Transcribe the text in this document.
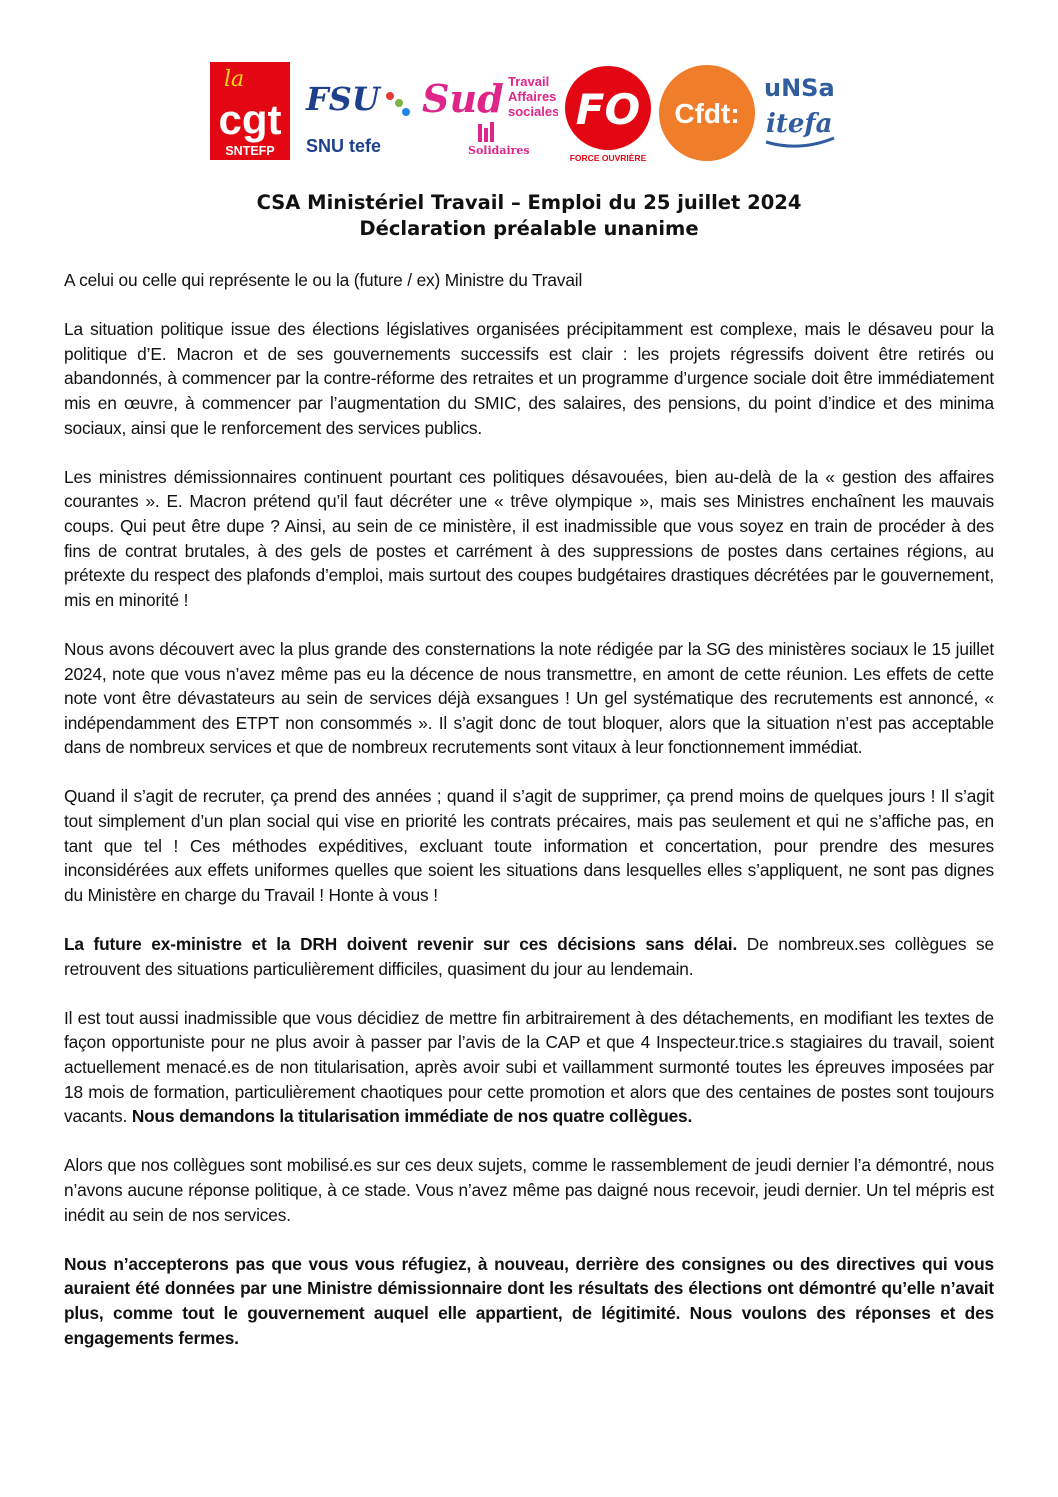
la
cgt
SNTEFP
FSU
SNU tefe
Sud Travail
Affaires
sociales
Solidaires
FO
FORCE OUVRIÈRE
Cfdt:
uNSa
itefa
CSA Ministériel Travail – Emploi du 25 juillet 2024
Déclaration préalable unanime

A celui ou celle qui représente le ou la (future / ex) Ministre du Travail

La situation politique issue des élections législatives organisées précipitamment est complexe, mais le désaveu pour la politique d’E. Macron et de ses gouvernements successifs est clair : les projets régressifs doivent être retirés ou abandonnés, à commencer par la contre-réforme des retraites et un programme d’urgence sociale doit être immédiatement mis en œuvre, à commencer par l’augmentation du SMIC, des salaires, des pensions, du point d’indice et des minima sociaux, ainsi que le renforcement des services publics.

Les ministres démissionnaires continuent pourtant ces politiques désavouées, bien au-delà de la « gestion des affaires courantes ». E. Macron prétend qu’il faut décréter une « trêve olympique », mais ses Ministres enchaînent les mauvais coups. Qui peut être dupe ? Ainsi, au sein de ce ministère, il est inadmissible que vous soyez en train de procéder à des fins de contrat brutales, à des gels de postes et carrément à des suppressions de postes dans certaines régions, au prétexte du respect des plafonds d’emploi, mais surtout des coupes budgétaires drastiques décrétées par le gouvernement, mis en minorité !

Nous avons découvert avec la plus grande des consternations la note rédigée par la SG des ministères sociaux le 15 juillet 2024, note que vous n’avez même pas eu la décence de nous transmettre, en amont de cette réunion. Les effets de cette note vont être dévastateurs au sein de services déjà exsangues ! Un gel systématique des recrutements est annoncé, « indépendamment des ETPT non consommés ». Il s’agit donc de tout bloquer, alors que la situation n’est pas acceptable dans de nombreux services et que de nombreux recrutements sont vitaux à leur fonctionnement immédiat.

Quand il s’agit de recruter, ça prend des années ; quand il s’agit de supprimer, ça prend moins de quelques jours ! Il s’agit tout simplement d’un plan social qui vise en priorité les contrats précaires, mais pas seulement et qui ne s’affiche pas, en tant que tel ! Ces méthodes expéditives, excluant toute information et concertation, pour prendre des mesures inconsidérées aux effets uniformes quelles que soient les situations dans lesquelles elles s’appliquent, ne sont pas dignes du Ministère en charge du Travail ! Honte à vous !

La future ex-ministre et la DRH doivent revenir sur ces décisions sans délai. De nombreux.ses collègues se retrouvent des situations particulièrement difficiles, quasiment du jour au lendemain.

Il est tout aussi inadmissible que vous décidiez de mettre fin arbitrairement à des détachements, en modifiant les textes de façon opportuniste pour ne plus avoir à passer par l’avis de la CAP et que 4 Inspecteur.trice.s stagiaires du travail, soient actuellement menacé.es de non titularisation, après avoir subi et vaillamment surmonté toutes les épreuves imposées par 18 mois de formation, particulièrement chaotiques pour cette promotion et alors que des centaines de postes sont toujours vacants. Nous demandons la titularisation immédiate de nos quatre collègues.

Alors que nos collègues sont mobilisé.es sur ces deux sujets, comme le rassemblement de jeudi dernier l’a démontré, nous n’avons aucune réponse politique, à ce stade. Vous n’avez même pas daigné nous recevoir, jeudi dernier. Un tel mépris est inédit au sein de nos services.

Nous n’accepterons pas que vous vous réfugiez, à nouveau, derrière des consignes ou des directives qui vous auraient été données par une Ministre démissionnaire dont les résultats des élections ont démontré qu’elle n’avait plus, comme tout le gouvernement auquel elle appartient, de légitimité. Nous voulons des réponses et des engagements fermes.
